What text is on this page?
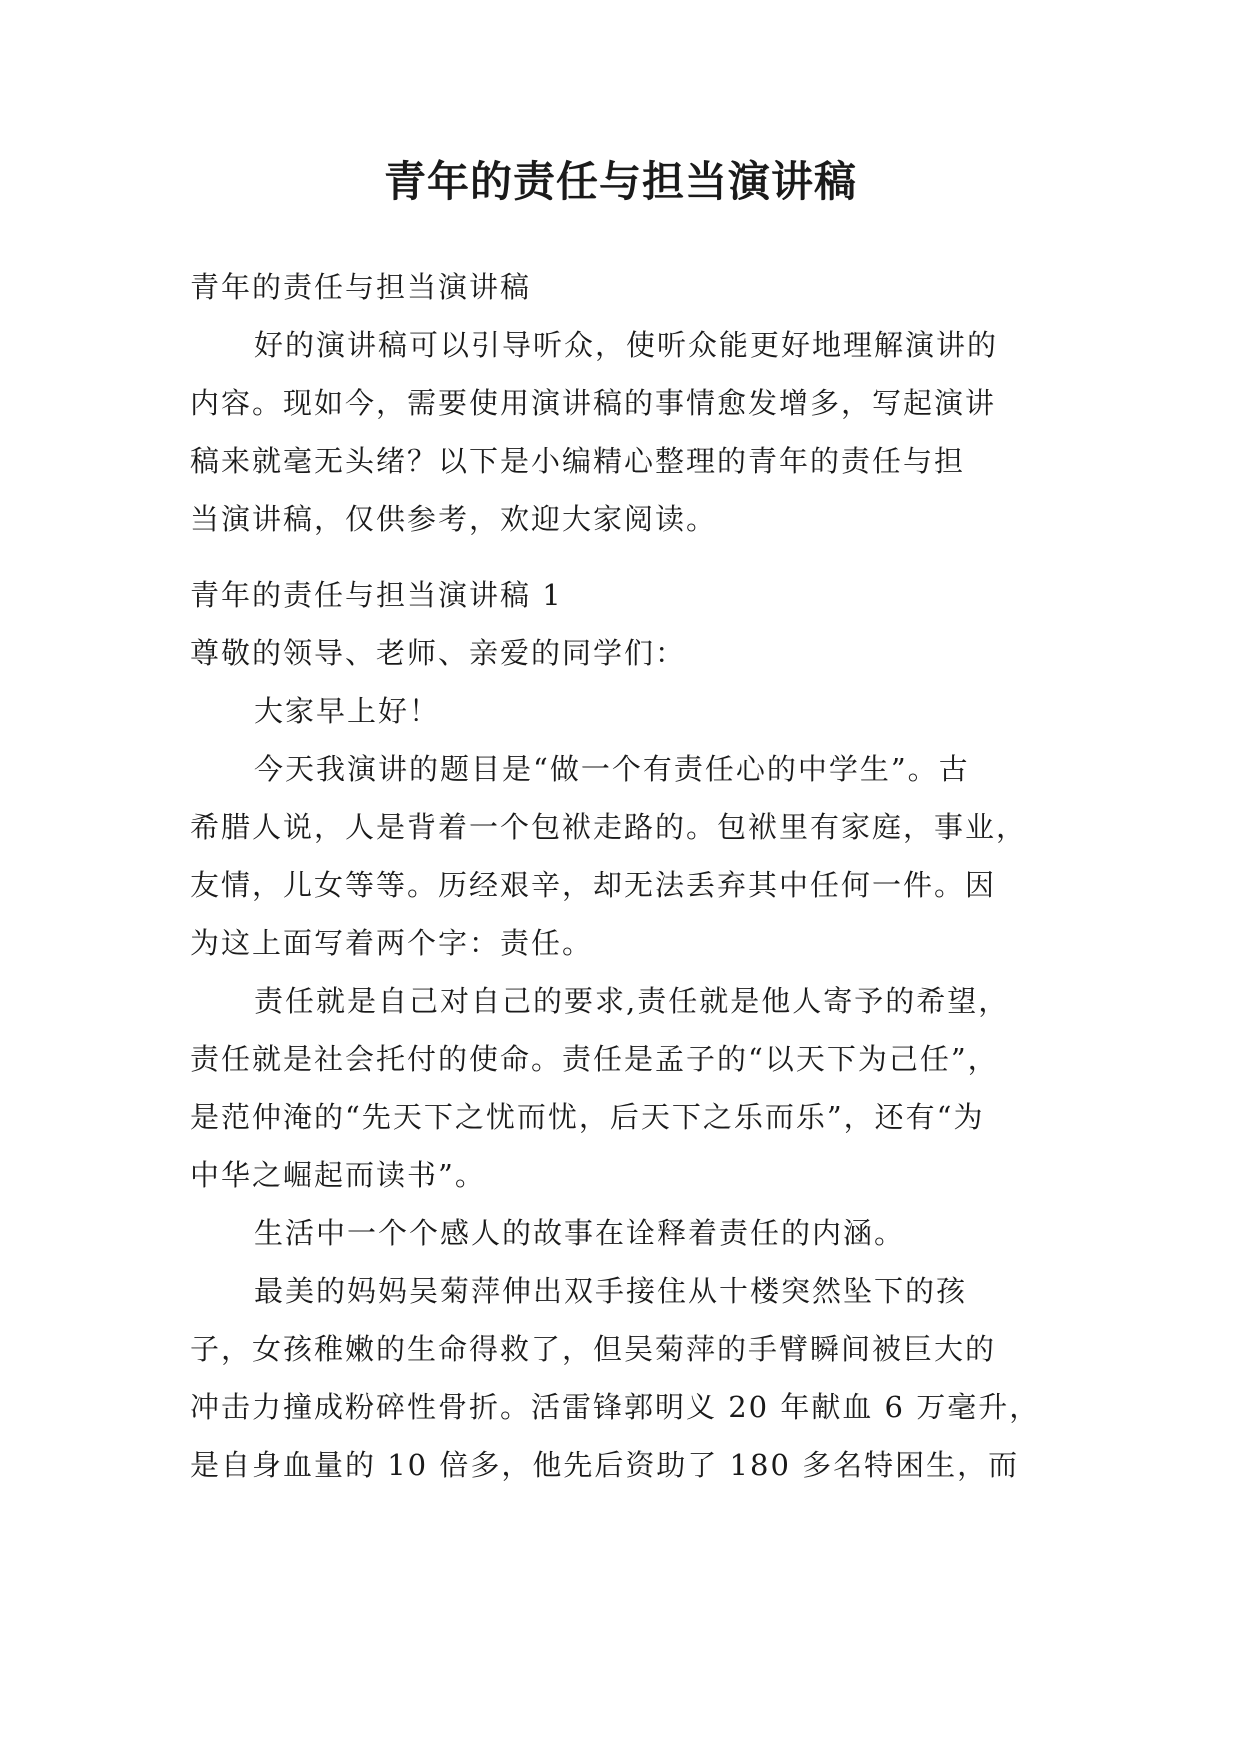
青年的责任与担当演讲稿
青年的责任与担当演讲稿
好的演讲稿可以引导听众，使听众能更好地理解演讲的
内容。现如今，需要使用演讲稿的事情愈发增多，写起演讲
稿来就毫无头绪？以下是小编精心整理的青年的责任与担
当演讲稿，仅供参考，欢迎大家阅读。
青年的责任与担当演讲稿 1
尊敬的领导、老师、亲爱的同学们：
大家早上好！
今天我演讲的题目是“做一个有责任心的中学生”。古
希腊人说，人是背着一个包袱走路的。包袱里有家庭，事业，
友情，儿女等等。历经艰辛，却无法丢弃其中任何一件。因
为这上面写着两个字：责任。
责任就是自己对自己的要求,责任就是他人寄予的希望，
责任就是社会托付的使命。责任是孟子的“以天下为己任”，
是范仲淹的“先天下之忧而忧，后天下之乐而乐”，还有“为
中华之崛起而读书”。
生活中一个个感人的故事在诠释着责任的内涵。
最美的妈妈吴菊萍伸出双手接住从十楼突然坠下的孩
子，女孩稚嫩的生命得救了，但吴菊萍的手臂瞬间被巨大的
冲击力撞成粉碎性骨折。活雷锋郭明义 20 年献血 6 万毫升，
是自身血量的 10 倍多，他先后资助了 180 多名特困生，而
